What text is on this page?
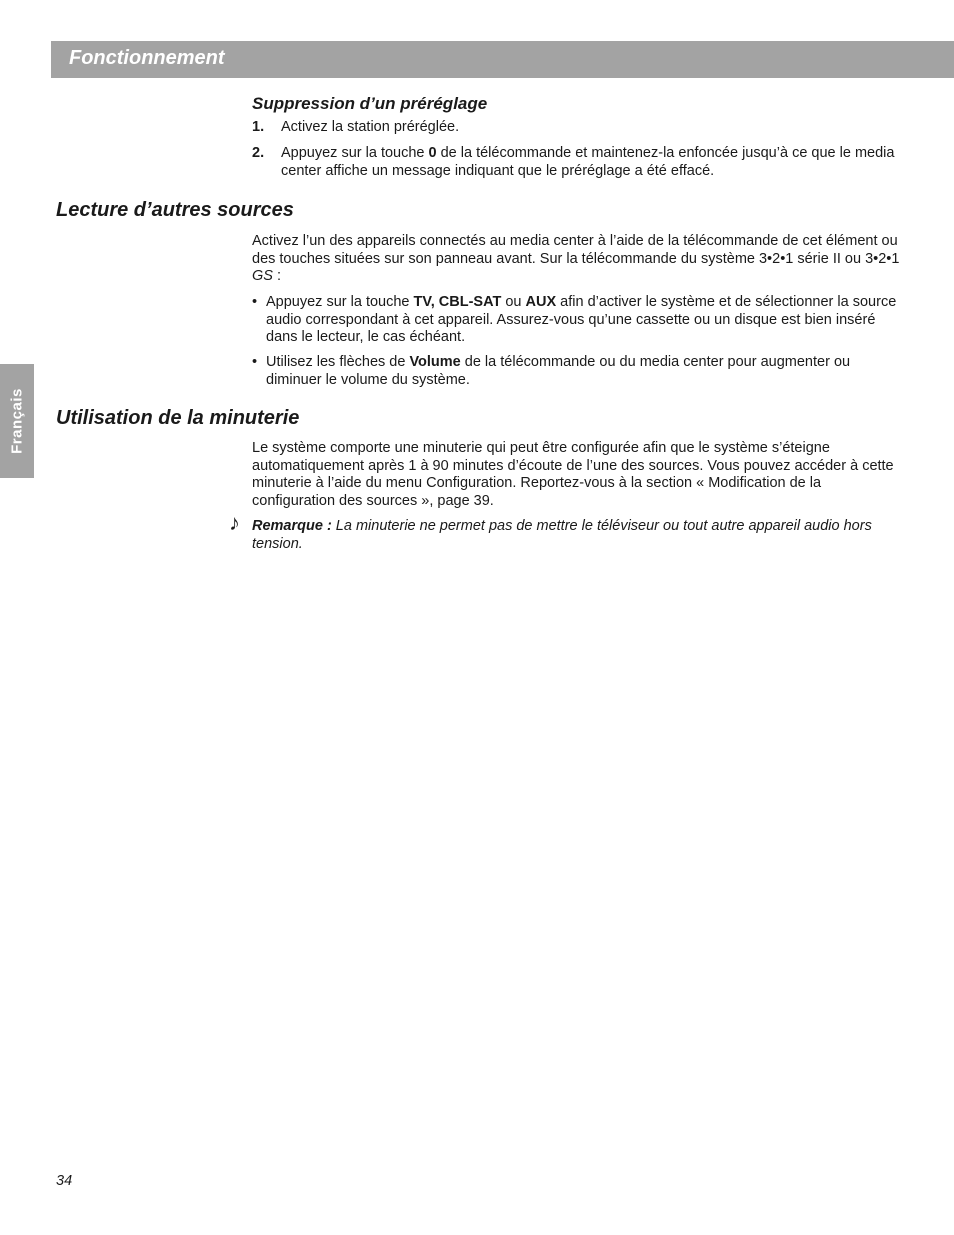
Fonctionnement
Français
Suppression d’un préréglage
1. Activez la station préréglée.
2. Appuyez sur la touche 0 de la télécommande et maintenez-la enfoncée jusqu’à ce que le media center affiche un message indiquant que le préréglage a été effacé.
Lecture d’autres sources

Activez l’un des appareils connectés au media center à l’aide de la télécommande de cet élément ou des touches situées sur son panneau avant. Sur la télécommande du système 3•2•1 série II ou 3•2•1 GS :

• Appuyez sur la touche TV, CBL-SAT ou AUX afin d’activer le système et de sélectionner la source audio correspondant à cet appareil. Assurez-vous qu’une cassette ou un disque est bien inséré dans le lecteur, le cas échéant.
• Utilisez les flèches de Volume de la télécommande ou du media center pour augmenter ou diminuer le volume du système.
Utilisation de la minuterie

Le système comporte une minuterie qui peut être configurée afin que le système s’éteigne automatiquement après 1 à 90 minutes d’écoute de l’une des sources. Vous pouvez accéder à cette minuterie à l’aide du menu Configuration. Reportez-vous à la section « Modification de la configuration des sources », page 39.

♪ Remarque : La minuterie ne permet pas de mettre le téléviseur ou tout autre appareil audio hors tension.
34
